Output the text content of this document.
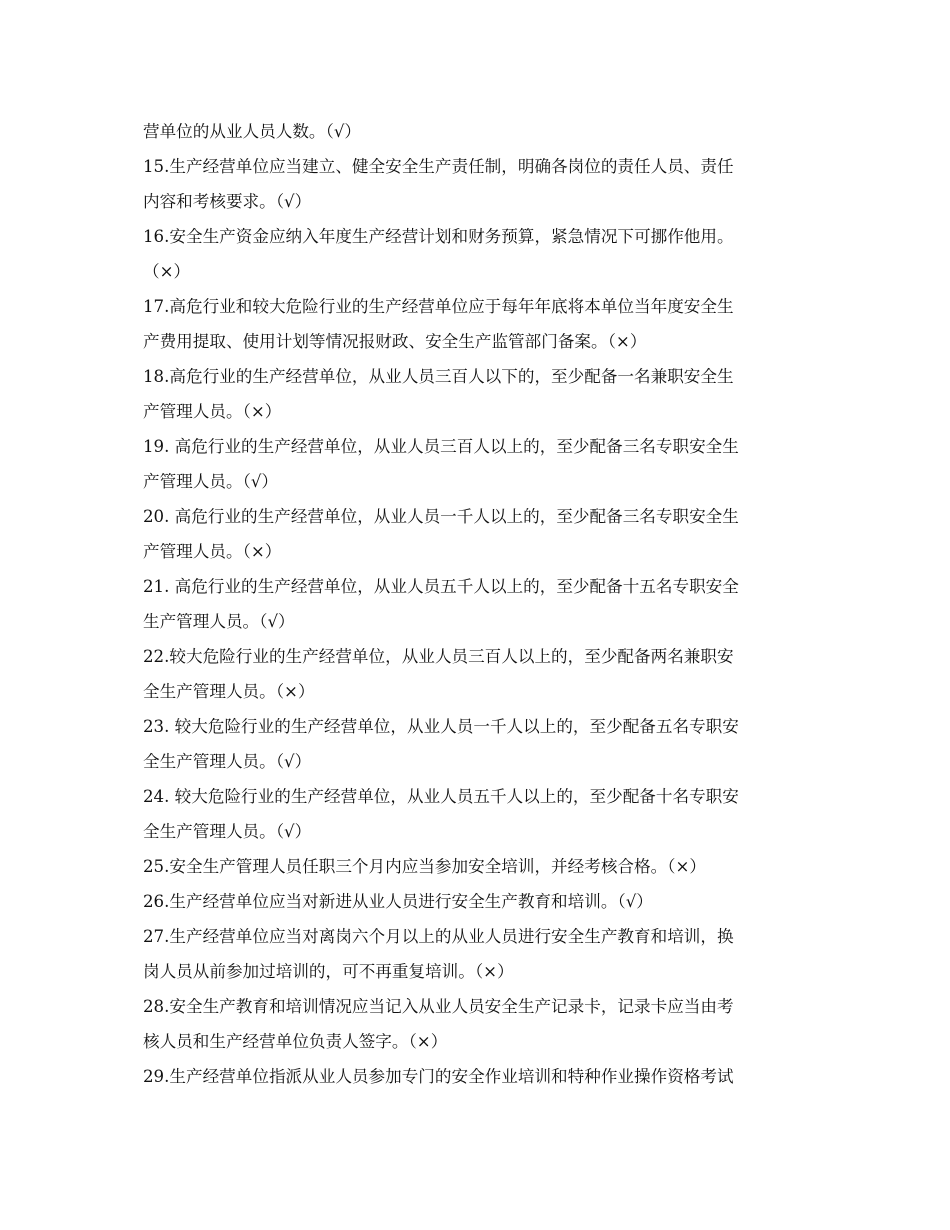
营单位的从业人员人数。（√）
15.生产经营单位应当建立、健全安全生产责任制，明确各岗位的责任人员、责任
内容和考核要求。（√）
16.安全生产资金应纳入年度生产经营计划和财务预算，紧急情况下可挪作他用。
（×）
17.高危行业和较大危险行业的生产经营单位应于每年年底将本单位当年度安全生
产费用提取、使用计划等情况报财政、安全生产监管部门备案。（×）
18.高危行业的生产经营单位，从业人员三百人以下的，至少配备一名兼职安全生
产管理人员。（×）
19. 高危行业的生产经营单位，从业人员三百人以上的，至少配备三名专职安全生
产管理人员。（√）
20. 高危行业的生产经营单位，从业人员一千人以上的，至少配备三名专职安全生
产管理人员。（×）
21. 高危行业的生产经营单位，从业人员五千人以上的，至少配备十五名专职安全
生产管理人员。（√）
22.较大危险行业的生产经营单位，从业人员三百人以上的，至少配备两名兼职安
全生产管理人员。（×）
23. 较大危险行业的生产经营单位，从业人员一千人以上的，至少配备五名专职安
全生产管理人员。（√）
24. 较大危险行业的生产经营单位，从业人员五千人以上的，至少配备十名专职安
全生产管理人员。（√）
25.安全生产管理人员任职三个月内应当参加安全培训，并经考核合格。（×）
26.生产经营单位应当对新进从业人员进行安全生产教育和培训。（√）
27.生产经营单位应当对离岗六个月以上的从业人员进行安全生产教育和培训，换
岗人员从前参加过培训的，可不再重复培训。（×）
28.安全生产教育和培训情况应当记入从业人员安全生产记录卡，记录卡应当由考
核人员和生产经营单位负责人签字。（×）
29.生产经营单位指派从业人员参加专门的安全作业培训和特种作业操作资格考试
